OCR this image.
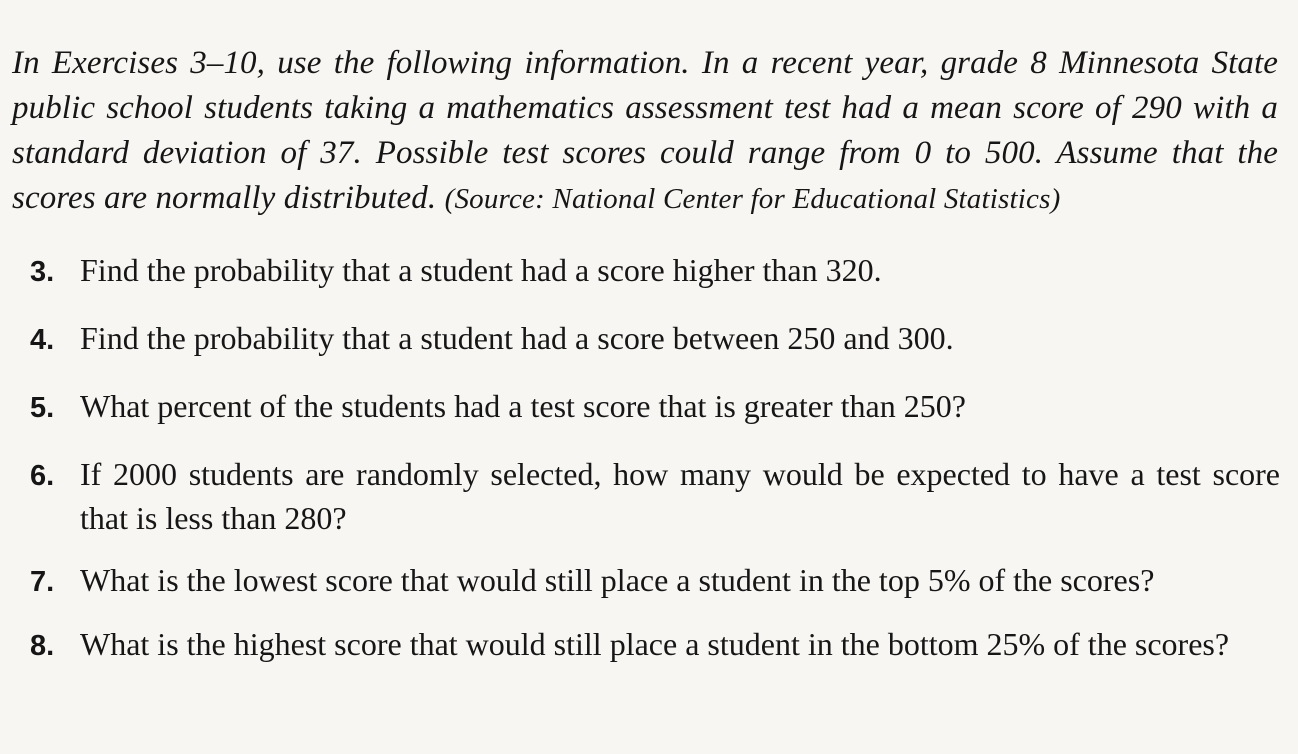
In Exercises 3–10, use the following information. In a recent year, grade 8 Minnesota State public school students taking a mathematics assessment test had a mean score of 290 with a standard deviation of 37. Possible test scores could range from 0 to 500. Assume that the scores are normally distributed. (Source: National Center for Educational Statistics)

3. Find the probability that a student had a score higher than 320.
4. Find the probability that a student had a score between 250 and 300.
5. What percent of the students had a test score that is greater than 250?
6. If 2000 students are randomly selected, how many would be expected to have a test score that is less than 280?
7. What is the lowest score that would still place a student in the top 5% of the scores?
8. What is the highest score that would still place a student in the bottom 25% of the scores?
